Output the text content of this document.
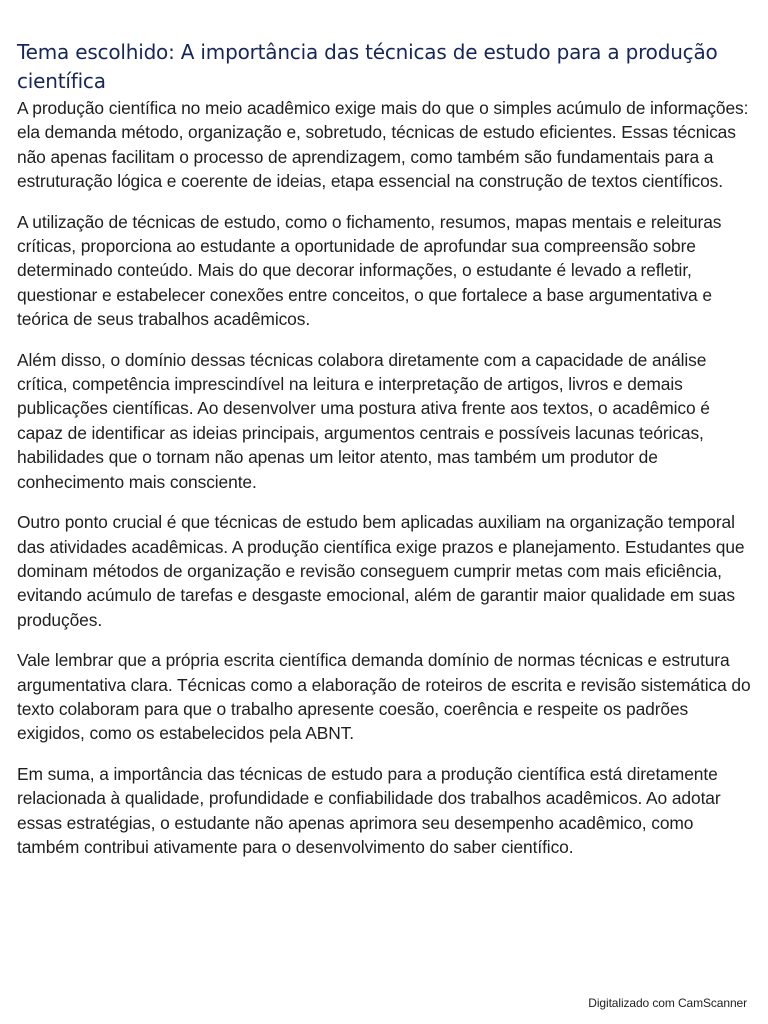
Tema escolhido: A importância das técnicas de estudo para a produção científica

A produção científica no meio acadêmico exige mais do que o simples acúmulo de informações: ela demanda método, organização e, sobretudo, técnicas de estudo eficientes. Essas técnicas não apenas facilitam o processo de aprendizagem, como também são fundamentais para a estruturação lógica e coerente de ideias, etapa essencial na construção de textos científicos.

A utilização de técnicas de estudo, como o fichamento, resumos, mapas mentais e releituras críticas, proporciona ao estudante a oportunidade de aprofundar sua compreensão sobre determinado conteúdo. Mais do que decorar informações, o estudante é levado a refletir, questionar e estabelecer conexões entre conceitos, o que fortalece a base argumentativa e teórica de seus trabalhos acadêmicos.

Além disso, o domínio dessas técnicas colabora diretamente com a capacidade de análise crítica, competência imprescindível na leitura e interpretação de artigos, livros e demais publicações científicas. Ao desenvolver uma postura ativa frente aos textos, o acadêmico é capaz de identificar as ideias principais, argumentos centrais e possíveis lacunas teóricas, habilidades que o tornam não apenas um leitor atento, mas também um produtor de conhecimento mais consciente.

Outro ponto crucial é que técnicas de estudo bem aplicadas auxiliam na organização temporal das atividades acadêmicas. A produção científica exige prazos e planejamento. Estudantes que dominam métodos de organização e revisão conseguem cumprir metas com mais eficiência, evitando acúmulo de tarefas e desgaste emocional, além de garantir maior qualidade em suas produções.

Vale lembrar que a própria escrita científica demanda domínio de normas técnicas e estrutura argumentativa clara. Técnicas como a elaboração de roteiros de escrita e revisão sistemática do texto colaboram para que o trabalho apresente coesão, coerência e respeite os padrões exigidos, como os estabelecidos pela ABNT.

Em suma, a importância das técnicas de estudo para a produção científica está diretamente relacionada à qualidade, profundidade e confiabilidade dos trabalhos acadêmicos. Ao adotar essas estratégias, o estudante não apenas aprimora seu desempenho acadêmico, como também contribui ativamente para o desenvolvimento do saber científico.

Digitalizado com CamScanner
